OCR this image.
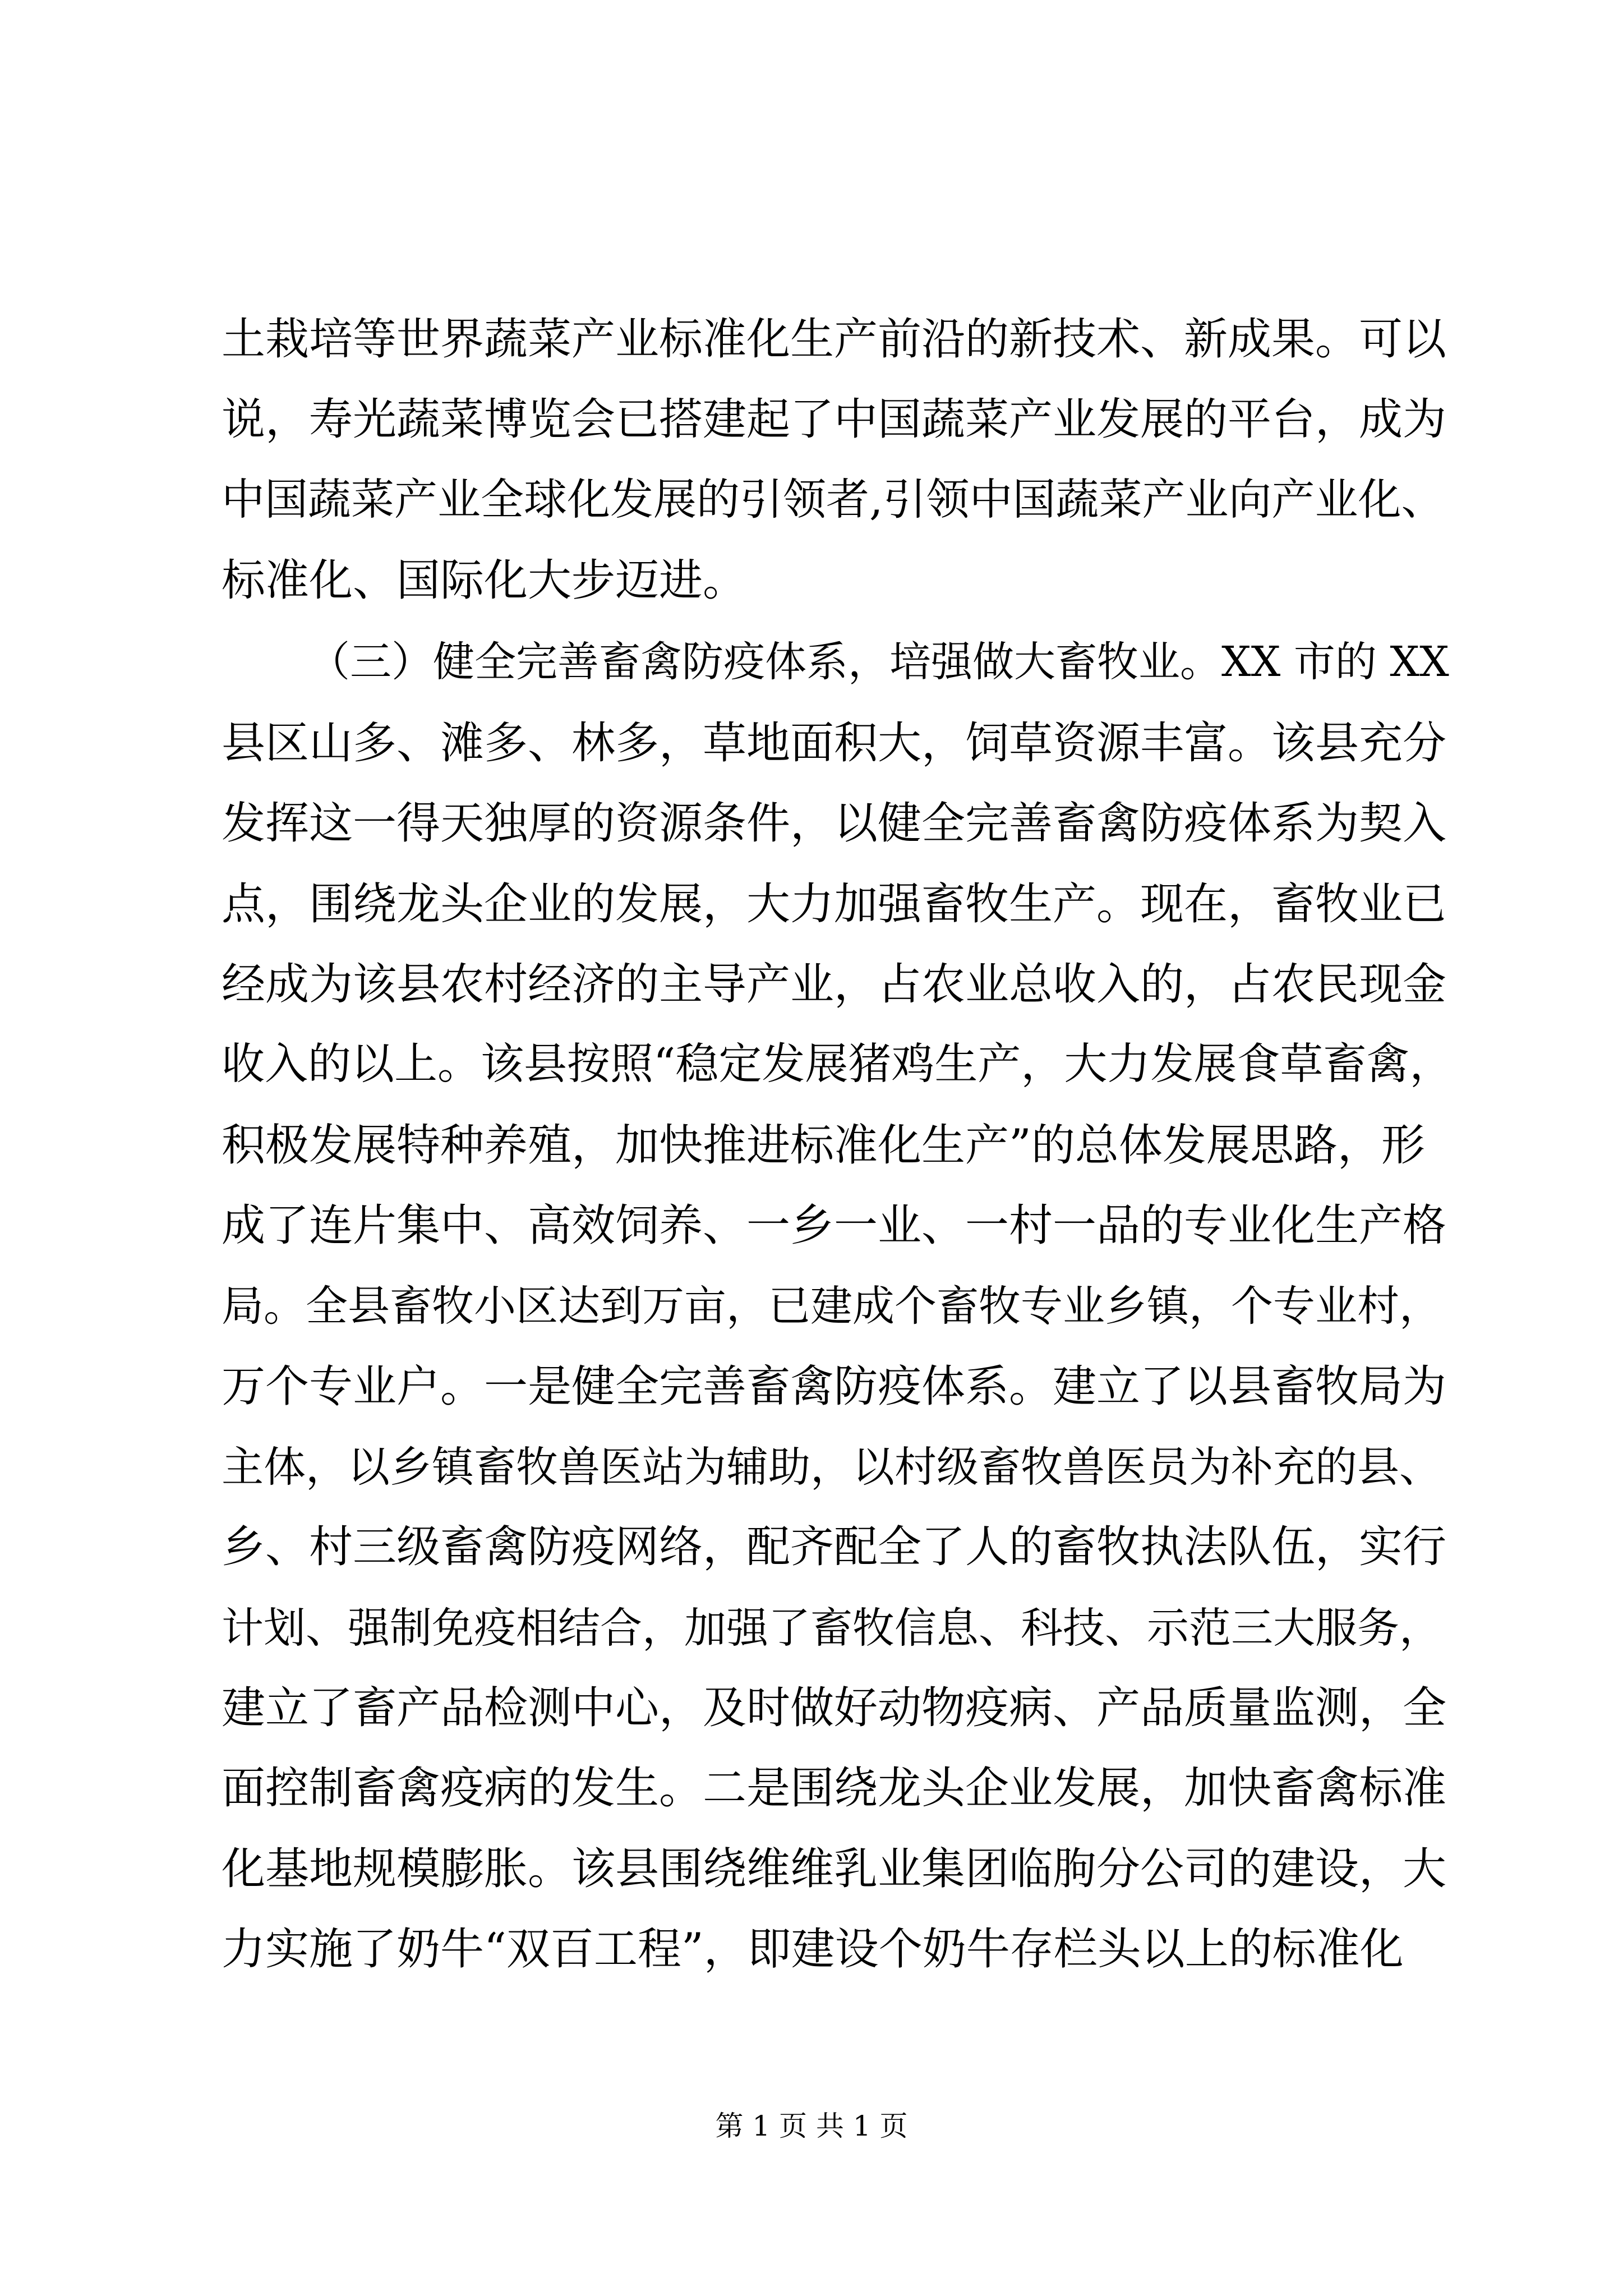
土栽培等世界蔬菜产业标准化生产前沿的新技术、新成果。可以
说，寿光蔬菜博览会已搭建起了中国蔬菜产业发展的平台，成为
中国蔬菜产业全球化发展的引领者,引领中国蔬菜产业向产业化、
标准化、国际化大步迈进。
（三）健全完善畜禽防疫体系，培强做大畜牧业。XX 市的 XX
县区山多、滩多、林多，草地面积大，饲草资源丰富。该县充分
发挥这一得天独厚的资源条件，以健全完善畜禽防疫体系为契入
点，围绕龙头企业的发展，大力加强畜牧生产。现在，畜牧业已
经成为该县农村经济的主导产业，占农业总收入的，占农民现金
收入的以上。该县按照“稳定发展猪鸡生产，大力发展食草畜禽，
积极发展特种养殖，加快推进标准化生产”的总体发展思路，形
成了连片集中、高效饲养、一乡一业、一村一品的专业化生产格
局。全县畜牧小区达到万亩，已建成个畜牧专业乡镇，个专业村，
万个专业户。一是健全完善畜禽防疫体系。建立了以县畜牧局为
主体，以乡镇畜牧兽医站为辅助，以村级畜牧兽医员为补充的县、
乡、村三级畜禽防疫网络，配齐配全了人的畜牧执法队伍，实行
计划、强制免疫相结合，加强了畜牧信息、科技、示范三大服务，
建立了畜产品检测中心，及时做好动物疫病、产品质量监测，全
面控制畜禽疫病的发生。二是围绕龙头企业发展，加快畜禽标准
化基地规模膨胀。该县围绕维维乳业集团临朐分公司的建设，大
力实施了奶牛“双百工程”，即建设个奶牛存栏头以上的标准化
第 1 页 共 1 页
